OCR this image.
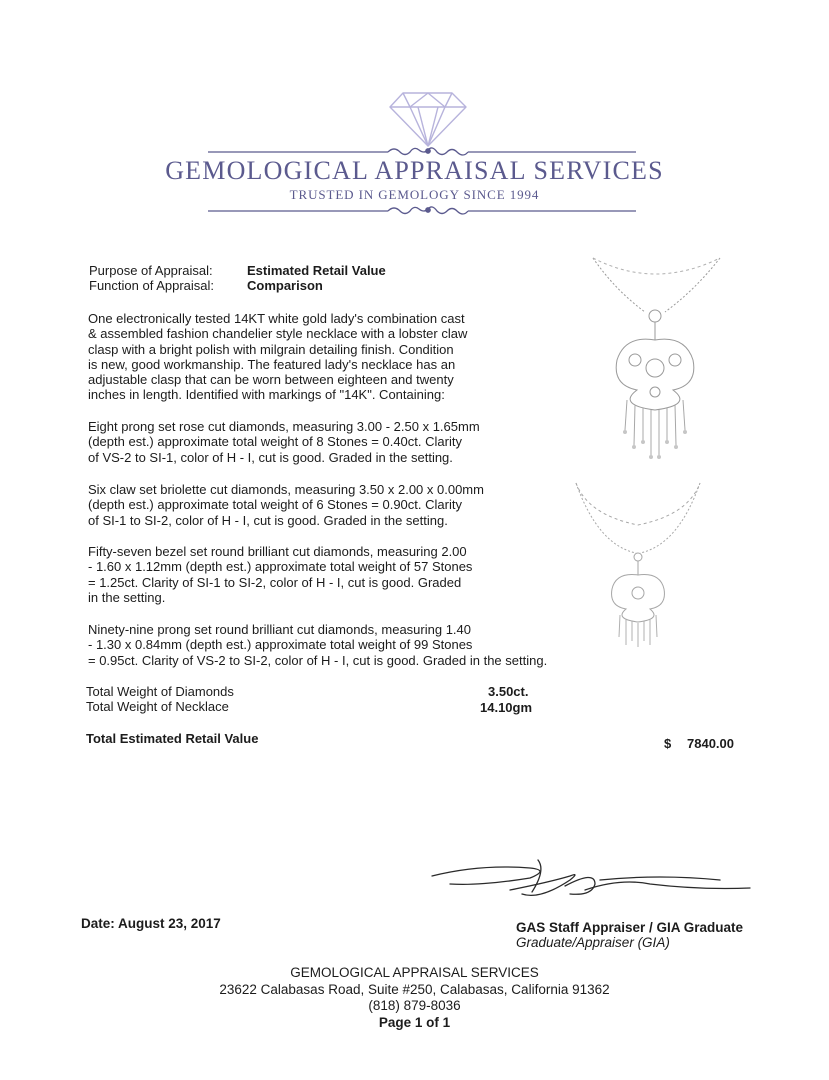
GEMOLOGICAL APPRAISAL SERVICES
TRUSTED IN GEMOLOGY SINCE 1994
Purpose of Appraisal:	Estimated Retail Value
Function of Appraisal:	Comparison
One electronically tested 14KT white gold lady's combination cast
& assembled fashion chandelier style necklace with a lobster claw
clasp with a bright polish with milgrain detailing finish. Condition
is new, good workmanship. The featured lady's necklace has an
adjustable clasp that can be worn between eighteen and twenty
inches in length. Identified with markings of "14K". Containing:
Eight prong set rose cut diamonds, measuring 3.00 - 2.50 x 1.65mm
(depth est.) approximate total weight of 8 Stones = 0.40ct. Clarity
of VS-2 to SI-1, color of H - I, cut is good. Graded in the setting.
Six claw set briolette cut diamonds, measuring 3.50 x 2.00 x 0.00mm
(depth est.) approximate total weight of 6 Stones = 0.90ct. Clarity
of SI-1 to SI-2, color of H - I, cut is good. Graded in the setting.
Fifty-seven bezel set round brilliant cut diamonds, measuring 2.00
- 1.60 x 1.12mm (depth est.) approximate total weight of 57 Stones
= 1.25ct. Clarity of SI-1 to SI-2, color of H - I, cut is good. Graded
in the setting.
Ninety-nine prong set round brilliant cut diamonds, measuring 1.40
- 1.30 x 0.84mm (depth est.) approximate total weight of 99 Stones
= 0.95ct. Clarity of VS-2 to SI-2, color of H - I, cut is good. Graded in the setting.
Total Weight of Diamonds	3.50ct.
Total Weight of Necklace	14.10gm
Total Estimated Retail Value	$ 7840.00
Date: August 23, 2017	GAS Staff Appraiser / GIA Graduate
Graduate/Appraiser (GIA)
GEMOLOGICAL APPRAISAL SERVICES
23622 Calabasas Road, Suite #250, Calabasas, California 91362
(818) 879-8036
Page 1 of 1
